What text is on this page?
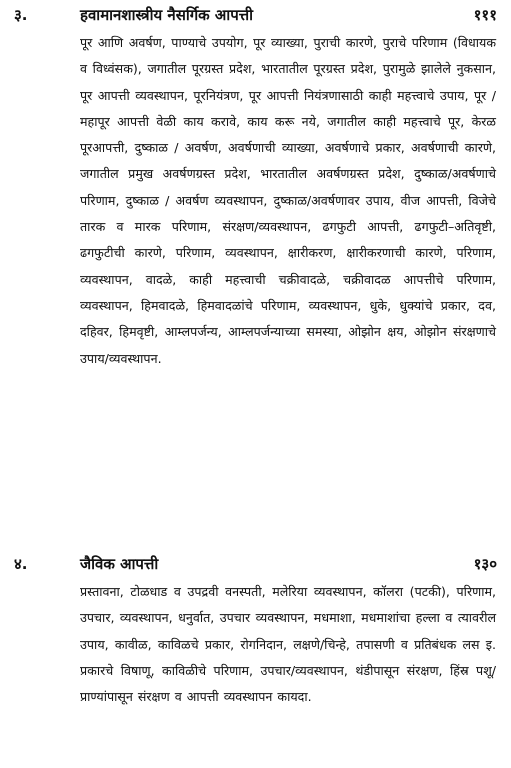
३.	हवामानशास्त्रीय नैसर्गिक आपत्ती	१११
पूर आणि अवर्षण, पाण्याचे उपयोग, पूर व्याख्या, पुराची कारणे, पुराचे परिणाम (विधायक व विध्वंसक), जगातील पूरग्रस्त प्रदेश, भारतातील पूरग्रस्त प्रदेश, पुरामुळे झालेले नुकसान, पूर आपत्ती व्यवस्थापन, पूरनियंत्रण, पूर आपत्ती नियंत्रणासाठी काही महत्त्वाचे उपाय, पूर / महापूर आपत्ती वेळी काय करावे, काय करू नये, जगातील काही महत्त्वाचे पूर, केरळ पूरआपत्ती, दुष्काळ / अवर्षण, अवर्षणाची व्याख्या, अवर्षणाचे प्रकार, अवर्षणाची कारणे, जगातील प्रमुख अवर्षणग्रस्त प्रदेश, भारतातील अवर्षणग्रस्त प्रदेश, दुष्काळ/अवर्षणाचे परिणाम, दुष्काळ / अवर्षण व्यवस्थापन, दुष्काळ/अवर्षणावर उपाय, वीज आपत्ती, विजेचे तारक व मारक परिणाम, संरक्षण/व्यवस्थापन, ढगफुटी आपत्ती, ढगफुटी–अतिवृष्टी, ढगफुटीची कारणे, परिणाम, व्यवस्थापन, क्षारीकरण, क्षारीकरणाची कारणे, परिणाम, व्यवस्थापन, वादळे, काही महत्त्वाची चक्रीवादळे, चक्रीवादळ आपत्तीचे परिणाम, व्यवस्थापन, हिमवादळे, हिमवादळांचे परिणाम, व्यवस्थापन, धुके, धुक्यांचे प्रकार, दव, दहिवर, हिमवृष्टी, आम्लपर्जन्य, आम्लपर्जन्याच्या समस्या, ओझोन क्षय, ओझोन संरक्षणाचे उपाय/व्यवस्थापन.
४.	जैविक आपत्ती	१३०
प्रस्तावना, टोळधाड व उपद्रवी वनस्पती, मलेरिया व्यवस्थापन, कॉलरा (पटकी), परिणाम, उपचार, व्यवस्थापन, धनुर्वात, उपचार व्यवस्थापन, मधमाशा, मधमाशांचा हल्ला व त्यावरील उपाय, कावीळ, काविळचे प्रकार, रोगनिदान, लक्षणे/चिन्हे, तपासणी व प्रतिबंधक लस इ. प्रकारचे विषाणू, काविळीचे परिणाम, उपचार/व्यवस्थापन, थंडीपासून संरक्षण, हिंस्र पशू/ प्राण्यांपासून संरक्षण व आपत्ती व्यवस्थापन कायदा.
